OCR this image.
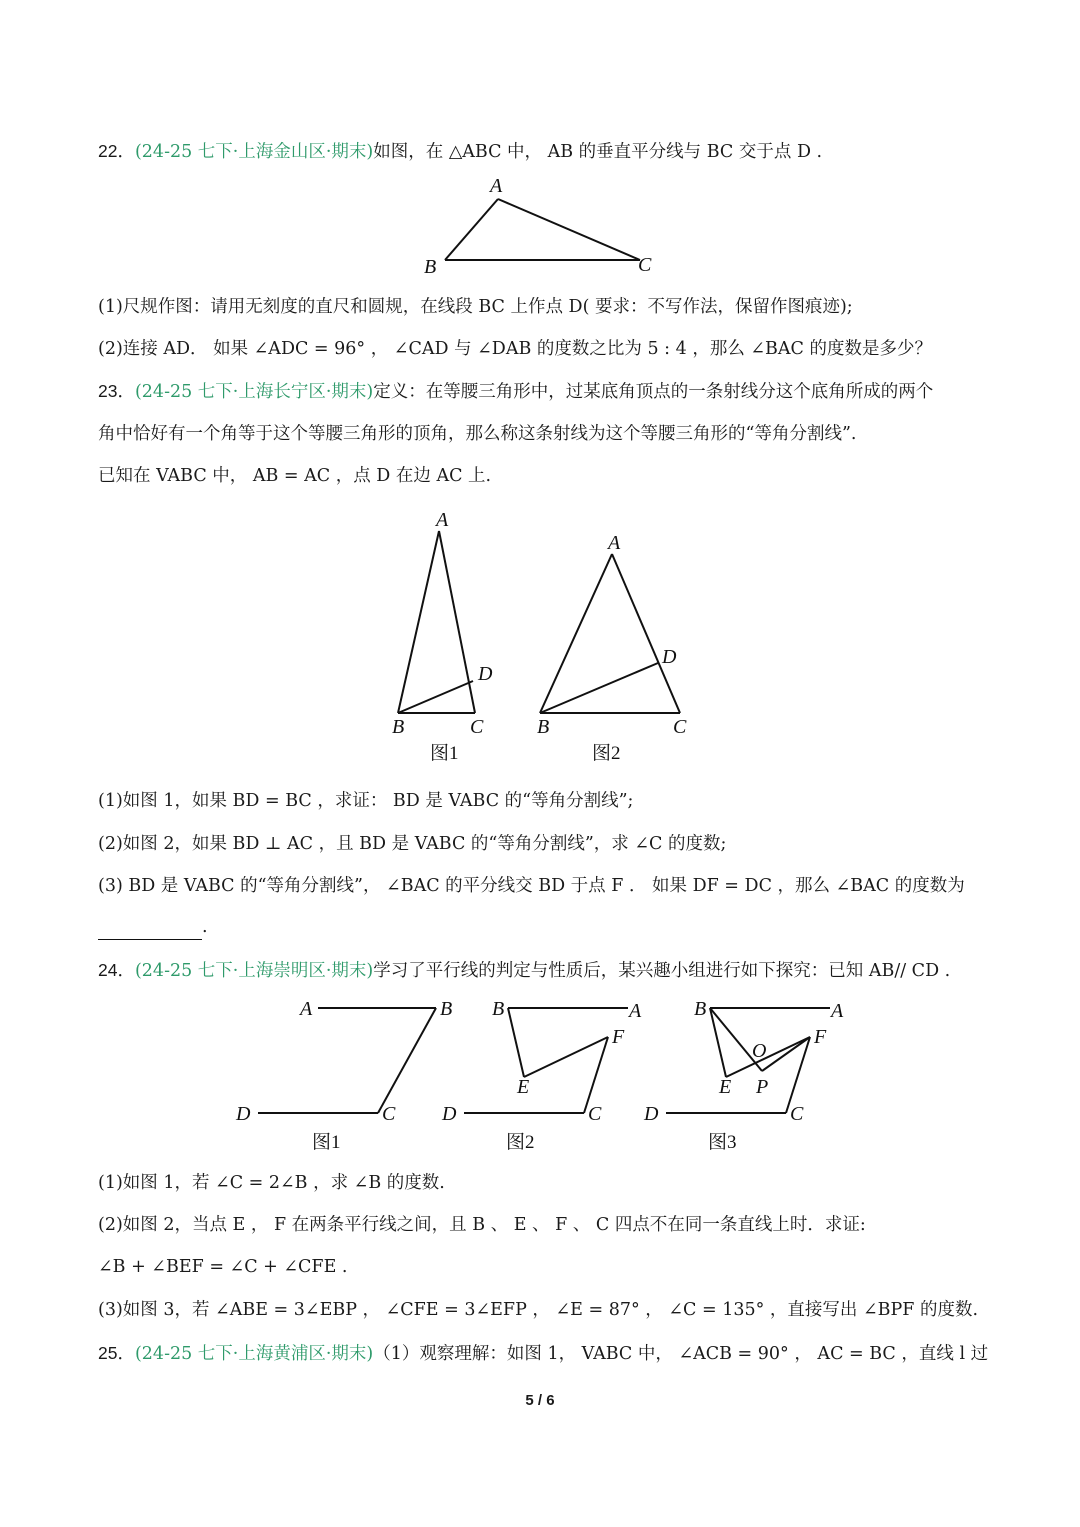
22．(24-25 七下·上海金山区·期末)如图，在 △ABC 中， AB 的垂直平分线与 BC 交于点 D .
A
B	C
(1)尺规作图：请用无刻度的直尺和圆规，在线段 BC 上作点 D( 要求：不写作法，保留作图痕迹);
(2)连接 AD． 如果 ∠ADC = 96° ， ∠CAD 与 ∠DAB 的度数之比为 5 : 4 ，那么 ∠BAC 的度数是多少？
23．(24-25 七下·上海长宁区·期末)定义：在等腰三角形中，过某底角顶点的一条射线分这个底角所成的两个
角中恰好有一个角等于这个等腰三角形的顶角，那么称这条射线为这个等腰三角形的“等角分割线”.
已知在 VABC 中， AB = AC ，点 D 在边 AC 上.
A
D
B	C
图1
A
D
B	C
图2
(1)如图 1，如果 BD = BC ，求证： BD 是 VABC 的“等角分割线”;
(2)如图 2，如果 BD ⊥ AC ，且 BD 是 VABC 的“等角分割线”，求 ∠C 的度数;
(3) BD 是 VABC 的“等角分割线”， ∠BAC 的平分线交 BD 于点 F ． 如果 DF = DC ，那么 ∠BAC 的度数为
.
24．(24-25 七下·上海崇明区·期末)学习了平行线的判定与性质后，某兴趣小组进行如下探究：已知 AB// CD .
A	B
D	C
图1
B	A
F
E
D	C
图2
B	A
F
O
E P
D	C
图3
(1)如图 1，若 ∠C = 2∠B ，求 ∠B 的度数.
(2)如图 2，当点 E ， F 在两条平行线之间，且 B 、 E 、 F 、 C 四点不在同一条直线上时．求证:
∠B + ∠BEF = ∠C + ∠CFE .
(3)如图 3，若 ∠ABE = 3∠EBP ， ∠CFE = 3∠EFP ， ∠E = 87° ， ∠C = 135° ，直接写出 ∠BPF 的度数.
25．(24-25 七下·上海黄浦区·期末)（1）观察理解：如图 1， VABC 中， ∠ACB = 90° ， AC = BC ，直线 l 过
5 / 6
